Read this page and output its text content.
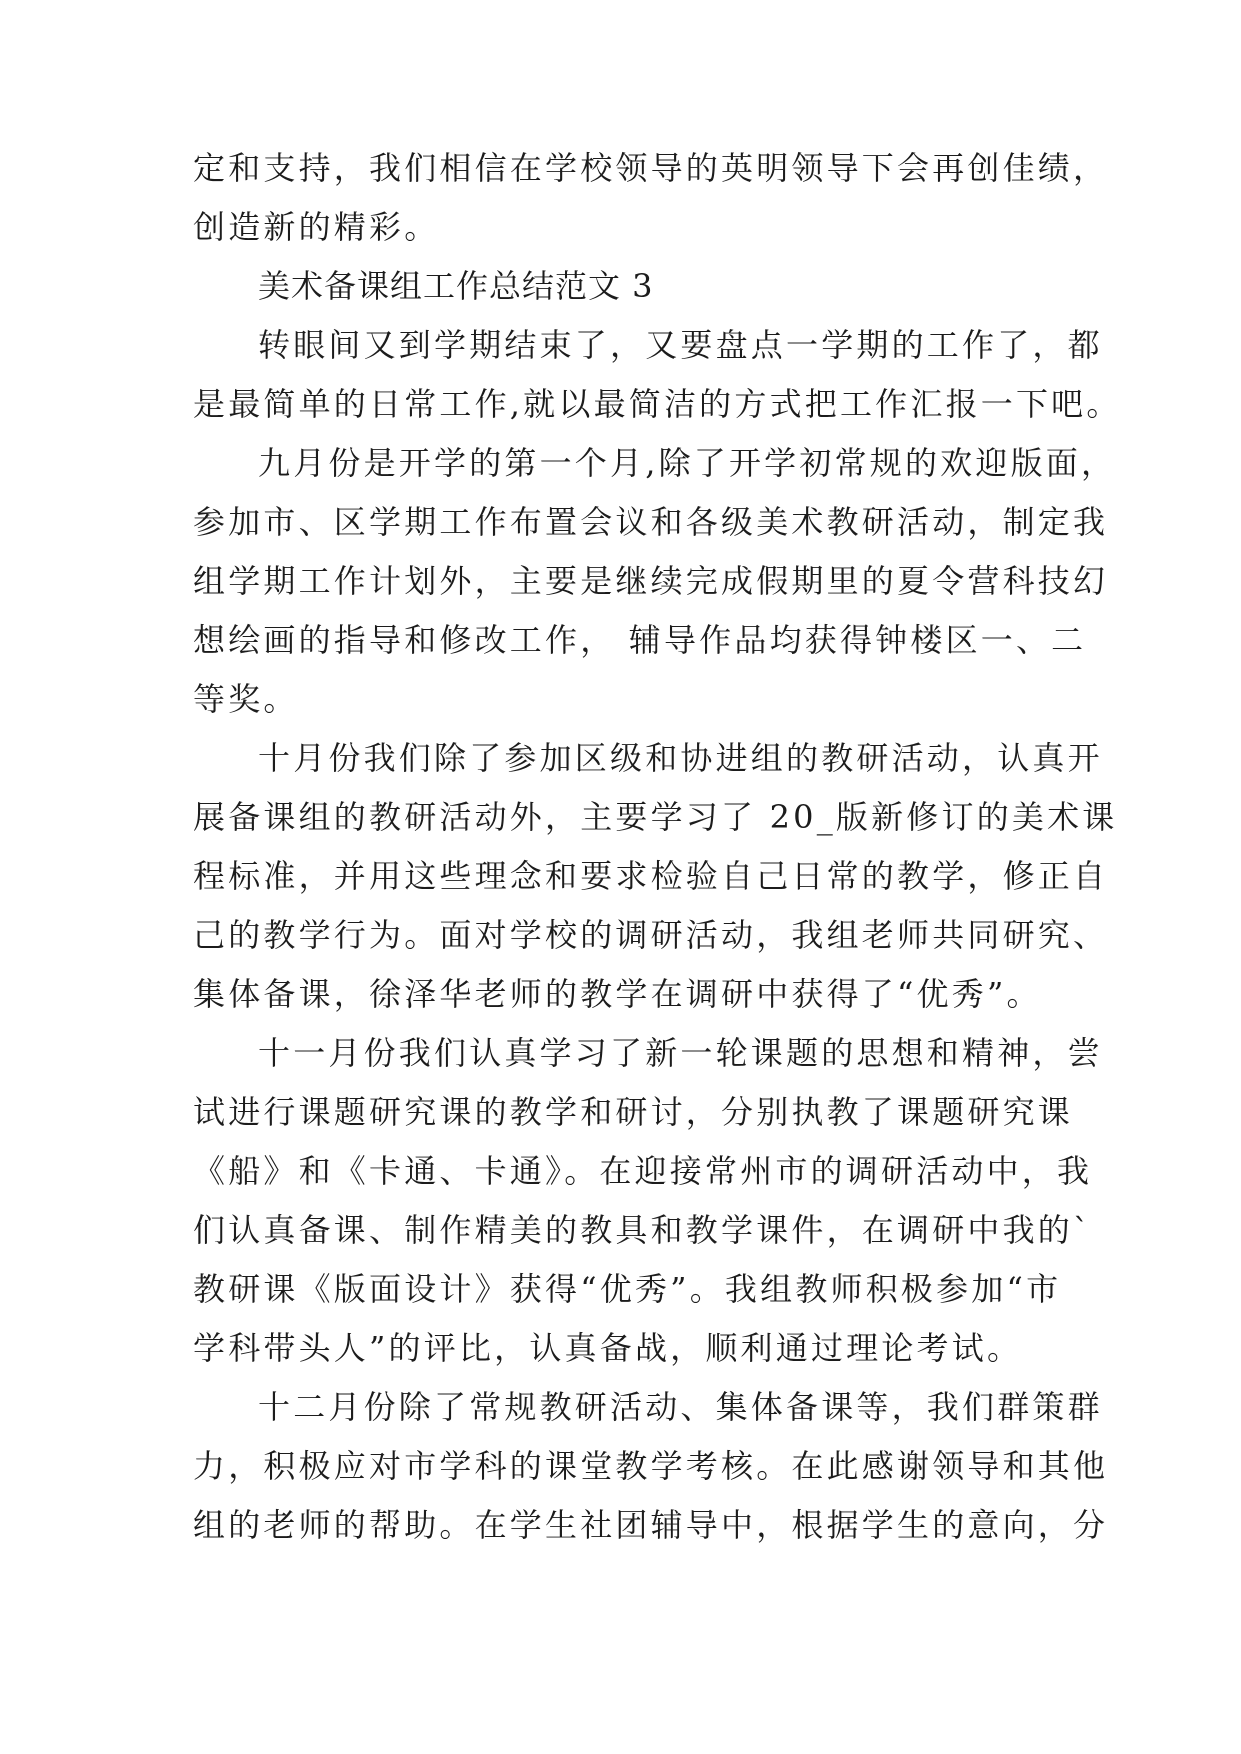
定和支持，我们相信在学校领导的英明领导下会再创佳绩，
创造新的精彩。
美术备课组工作总结范文 3
转眼间又到学期结束了，又要盘点一学期的工作了，都
是最简单的日常工作,就以最简洁的方式把工作汇报一下吧。
九月份是开学的第一个月,除了开学初常规的欢迎版面，
参加市、区学期工作布置会议和各级美术教研活动，制定我
组学期工作计划外，主要是继续完成假期里的夏令营科技幻
想绘画的指导和修改工作， 辅导作品均获得钟楼区一、二
等奖。
十月份我们除了参加区级和协进组的教研活动，认真开
展备课组的教研活动外，主要学习了 20_版新修订的美术课
程标准，并用这些理念和要求检验自己日常的教学，修正自
己的教学行为。面对学校的调研活动，我组老师共同研究、
集体备课，徐泽华老师的教学在调研中获得了“优秀”。
十一月份我们认真学习了新一轮课题的思想和精神，尝
试进行课题研究课的教学和研讨，分别执教了课题研究课
《船》和《卡通、卡通》。在迎接常州市的调研活动中，我
们认真备课、制作精美的教具和教学课件，在调研中我的`
教研课《版面设计》获得“优秀”。我组教师积极参加“市
学科带头人”的评比，认真备战，顺利通过理论考试。
十二月份除了常规教研活动、集体备课等，我们群策群
力，积极应对市学科的课堂教学考核。在此感谢领导和其他
组的老师的帮助。在学生社团辅导中，根据学生的意向，分
